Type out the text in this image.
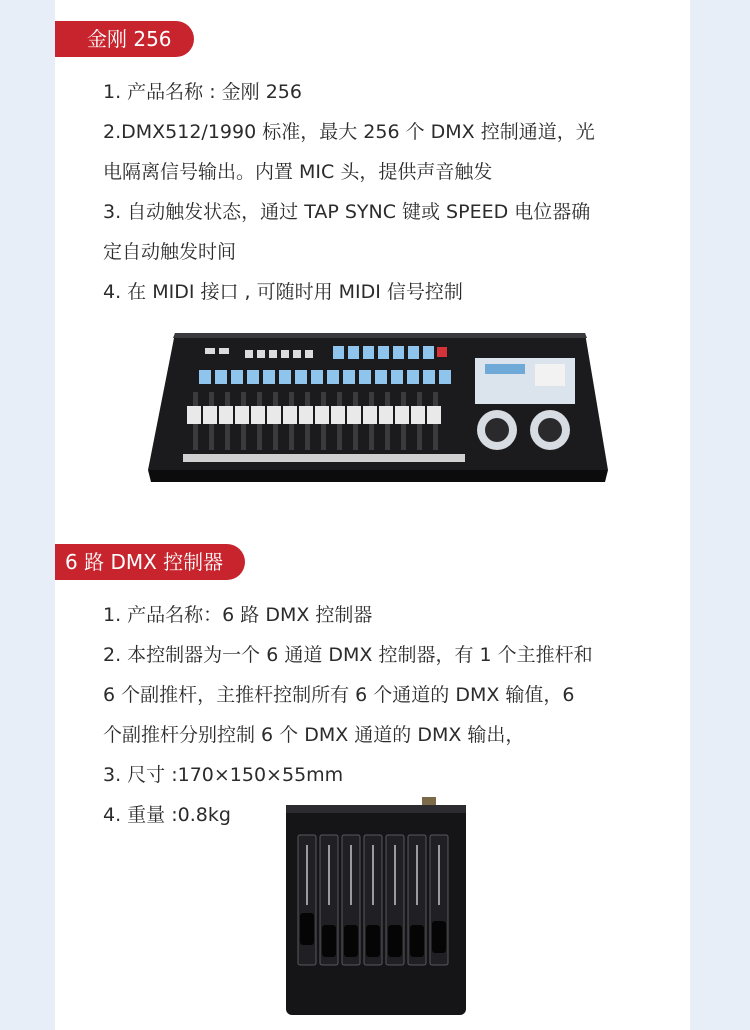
金刚 256

1. 产品名称 : 金刚 256

2.DMX512/1990 标准，最大 256 个 DMX 控制通道，光

电隔离信号输出。内置 MIC 头，提供声音触发

3. 自动触发状态，通过 TAP SYNC 键或 SPEED 电位器确

定自动触发时间

4. 在 MIDI 接口 , 可随时用 MIDI 信号控制

6 路 DMX 控制器

1. 产品名称：6 路 DMX 控制器

2. 本控制器为一个 6 通道 DMX 控制器，有 1 个主推杆和

6 个副推杆，主推杆控制所有 6 个通道的 DMX 输值，6

个副推杆分别控制 6 个 DMX 通道的 DMX 输出，

3. 尺寸 :170×150×55mm

4. 重量 :0.8kg
